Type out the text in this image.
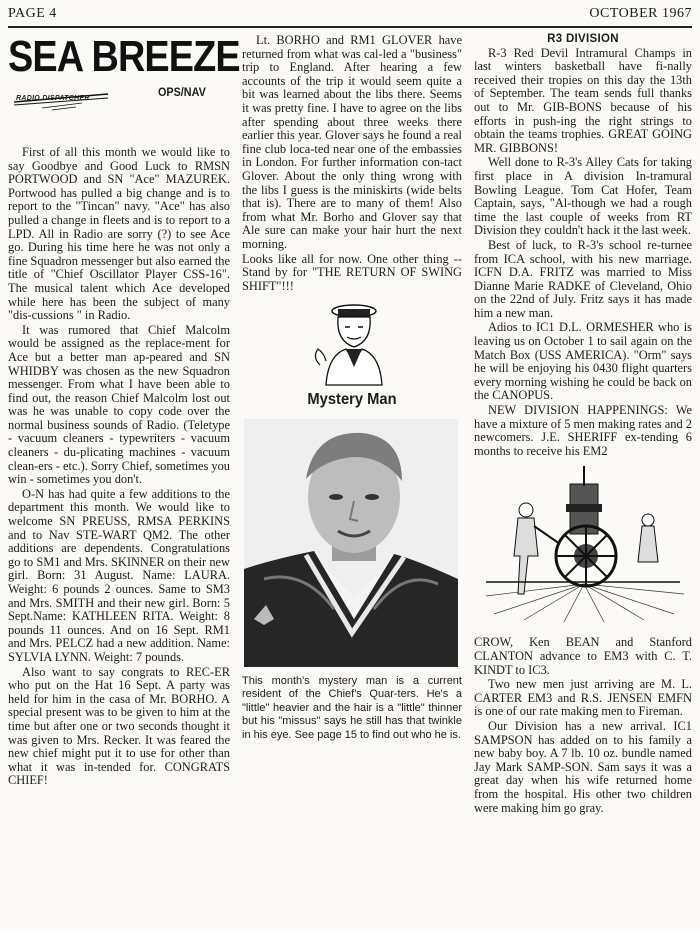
PAGE 4	OCTOBER 1967
SEA BREEZE
RADIO DISPATCHER	OPS/NAV

First of all this month we would like to say Goodbye and Good Luck to RMSN PORTWOOD and SN "Ace" MAZUREK. Portwood has pulled a big change and is to report to the "Tincan" navy. "Ace" has also pulled a change in fleets and is to report to a LPD. All in Radio are sorry (?) to see Ace go. During his time here he was not only a fine Squadron messenger but also earned the title of "Chief Oscillator Player CSS-16". The musical talent which Ace developed while here has been the subject of many "dis-cussions " in Radio.

It was rumored that Chief Malcolm would be assigned as the replace-ment for Ace but a better man ap-peared and SN WHIDBY was chosen as the new Squadron messenger. From what I have been able to find out, the reason Chief Malcolm lost out was he was unable to copy code over the normal business sounds of Radio. (Teletype - vacuum cleaners - typewriters - vacuum cleaners - du-plicating machines - vacuum clean-ers - etc.). Sorry Chief, sometimes you win - sometimes you don't.

O-N has had quite a few additions to the department this month. We would like to welcome SN PREUSS, RMSA PERKINS and to Nav STE-WART QM2. The other additions are dependents. Congratulations go to SM1 and Mrs. SKINNER on their new girl. Born: 31 August. Name: LAURA. Weight: 6 pounds 2 ounces. Same to SM3 and Mrs. SMITH and their new girl. Born: 5 Sept.Name: KATHLEEN RITA. Weight: 8 pounds 11 ounces. And on 16 Sept. RM1 and Mrs. PELCZ had a new addition. Name: SYLVIA LYNN. Weight: 7 pounds.

Also want to say congrats to REC-ER who put on the Hat 16 Sept. A party was held for him in the casa of Mr. BORHO. A special present was to be given to him at the time but after one or two seconds thought it was given to Mrs. Recker. It was feared the new chief might put it to use for other than what it was in-tended for. CONGRATS CHIEF!

Lt. BORHO and RM1 GLOVER have returned from what was cal-led a "business" trip to England. After hearing a few accounts of the trip it would seem quite a bit was learned about the libs there. Seems it was pretty fine. I have to agree on the libs after spending about three weeks there earlier this year. Glover says he found a real fine club loca-ted near one of the embassies in London. For further information con-tact Glover. About the only thing wrong with the libs I guess is the miniskirts (wide belts that is). There are to many of them! Also from what Mr. Borho and Glover say that Ale sure can make your hair hurt the next morning.

Looks like all for now. One other thing -- Stand by for "THE RETURN OF SWING SHIFT"!!!

Mystery Man
This month's mystery man is a current resident of the Chief's Quar-ters. He's a "little" heavier and the hair is a "little" thinner but his "missus" says he still has that twinkle in his eye. See page 15 to find out who he is.
R3 DIVISION

R-3 Red Devil Intramural Champs in last winters basketball have fi-nally received their tropies on this day the 13th of September. The team sends full thanks out to Mr. GIB-BONS because of his efforts in push-ing the right strings to obtain the teams trophies. GREAT GOING MR. GIBBONS!

Well done to R-3's Alley Cats for taking first place in A division In-tramural Bowling League. Tom Cat Hofer, Team Captain, says, "Al-though we had a rough time the last couple of weeks from RT Division they couldn't hack it the last week.

Best of luck, to R-3's school re-turnee from ICA school, with his new marriage. ICFN D.A. FRITZ was married to Miss Dianne Marie RADKE of Cleveland, Ohio on the 22nd of July. Fritz says it has made him a new man.

Adios to IC1 D.L. ORMESHER who is leaving us on October 1 to sail again on the Match Box (USS AMERICA). "Orm" says he will be enjoying his 0430 flight quarters every morning wishing he could be back on the CANOPUS.

NEW DIVISION HAPPENINGS: We have a mixture of 5 men making rates and 2 newcomers. J.E. SHERIFF ex-tending 6 months to receive his EM2

CROW, Ken BEAN and Stanford CLANTON advance to EM3 with C. T. KINDT to IC3.

Two new men just arriving are M. L. CARTER EM3 and R.S. JENSEN EMFN is one of our rate making men to Fireman.

Our Division has a new arrival. IC1 SAMPSON has added on to his family a new baby boy. A 7 lb. 10 oz. bundle named Jay Mark SAMP-SON. Sam says it was a great day when his wife returned home from the hospital. His other two children were making him go gray.
